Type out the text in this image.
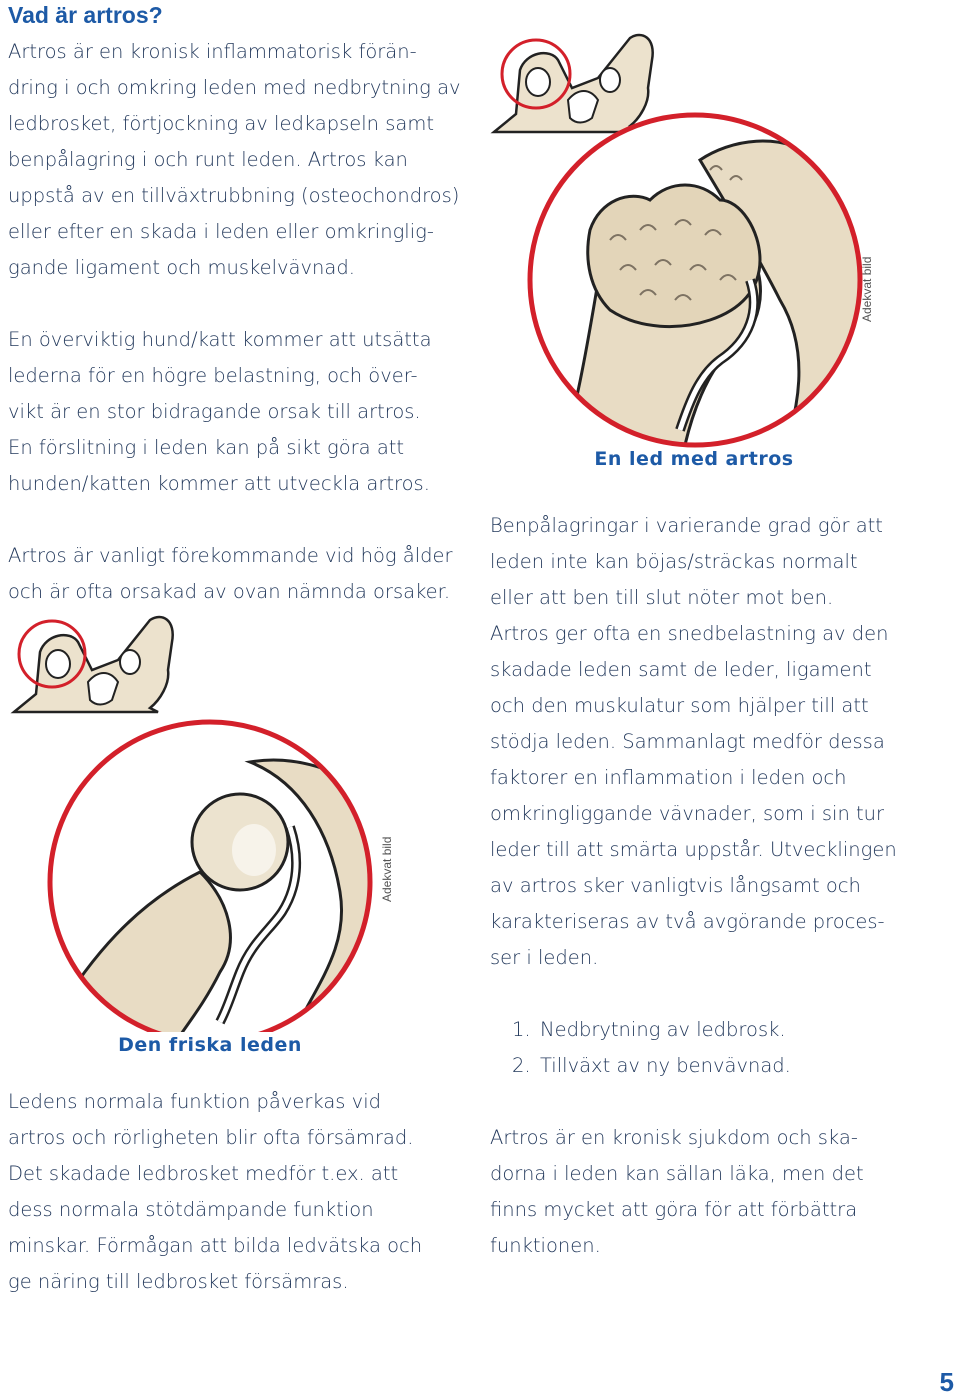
Vad är artros?
Artros är en kronisk inflammatorisk förän-
dring i och omkring leden med nedbrytning av
ledbrosket, förtjockning av ledkapseln samt
benpålagring i och runt leden. Artros kan
uppstå av en tillväxtrubbning (osteochondros)
eller efter en skada i leden eller omkringlig-
gande ligament och muskelvävnad.
En överviktig hund/katt kommer att utsätta
lederna för en högre belastning, och över-
vikt är en stor bidragande orsak till artros.
En förslitning i leden kan på sikt göra att
hunden/katten kommer att utveckla artros.
Artros är vanligt förekommande vid hög ålder
och är ofta orsakad av ovan nämnda orsaker.
Adekvat bild
Den friska leden
Ledens normala funktion påverkas vid
artros och rörligheten blir ofta försämrad.
Det skadade ledbrosket medför t.ex. att
dess normala stötdämpande funktion
minskar. Förmågan att bilda ledvätska och
ge näring till ledbrosket försämras.
Adekvat bild
En led med artros
Benpålagringar i varierande grad gör att
leden inte kan böjas/sträckas normalt
eller att ben till slut nöter mot ben.
Artros ger ofta en snedbelastning av den
skadade leden samt de leder, ligament
och den muskulatur som hjälper till att
stödja leden. Sammanlagt medför dessa
faktorer en inflammation i leden och
omkringliggande vävnader, som i sin tur
leder till att smärta uppstår. Utvecklingen
av artros sker vanligtvis långsamt och
karakteriseras av två avgörande proces-
ser i leden.
1. Nedbrytning av ledbrosk.
2. Tillväxt av ny benvävnad.
Artros är en kronisk sjukdom och ska-
dorna i leden kan sällan läka, men det
finns mycket att göra för att förbättra
funktionen.
5
